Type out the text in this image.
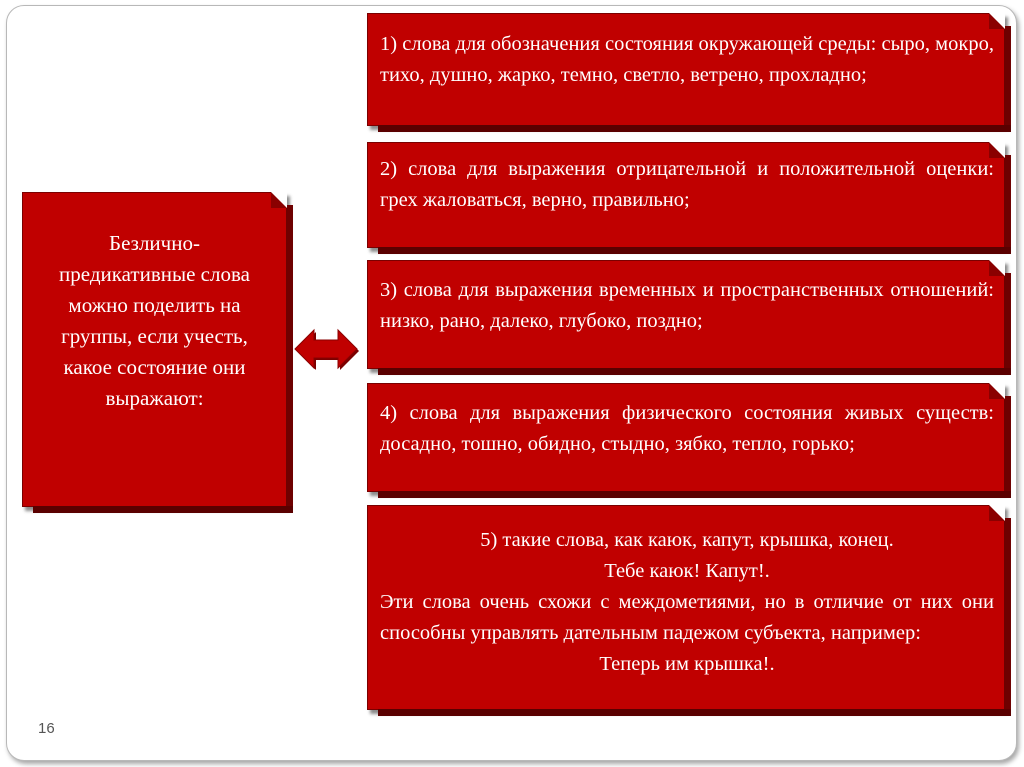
Безлично-предикативные слова можно поделить на группы, если учесть, какое состояние они выражают:
1) слова для обозначения состояния окружающей среды: сыро, мокро, тихо, душно, жарко, темно, светло, ветрено, прохладно;
2) слова для выражения отрицательной и положительной оценки: грех жаловаться, верно, правильно;
3) слова для выражения временных и пространственных отношений: низко, рано, далеко, глубоко, поздно;
4) слова для выражения физического состояния живых существ: досадно, тошно, обидно, стыдно, зябко, тепло, горько;
5) такие слова, как каюк, капут, крышка, конец.
Тебе каюк! Капут!.
Эти слова очень схожи с междометиями, но в отличие от них они способны управлять дательным падежом субъекта, например:
Теперь им крышка!.
16
